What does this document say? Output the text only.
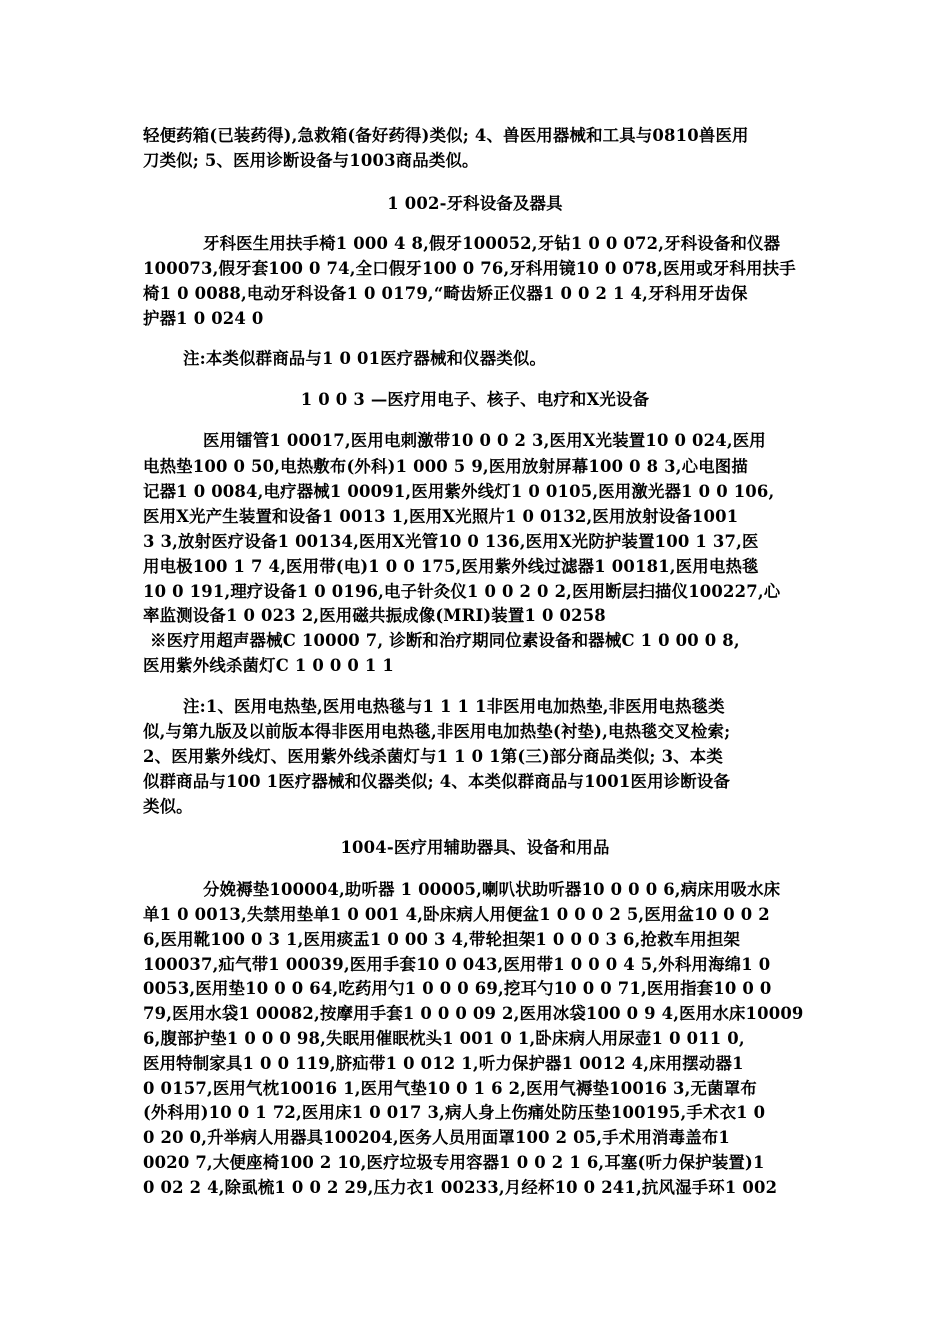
轻便药箱(已装药得),急救箱(备好药得)类似; 4、兽医用器械和工具与0810兽医用
刀类似; 5、医用诊断设备与1003商品类似。
1 002-牙科设备及器具
牙科医生用扶手椅1 000 4 8,假牙100052,牙钻1 0 0 072,牙科设备和仪器
100073,假牙套100 0 74,全口假牙100 0 76,牙科用镜10 0 078,医用或牙科用扶手
椅1 0 0088,电动牙科设备1 0 0179,“畸齿矫正仪器1 0 0 2 1 4,牙科用牙齿保
护器1 0 024 0
注:本类似群商品与1 0 01医疗器械和仪器类似。
1 0 0 3 —医疗用电子、核子、电疗和X光设备
医用镭管1 00017,医用电刺激带10 0 0 2 3,医用X光装置10 0 024,医用
电热垫100 0 50,电热敷布(外科)1 000 5 9,医用放射屏幕100 0 8 3,心电图描
记器1 0 0084,电疗器械1 00091,医用紫外线灯1 0 0105,医用激光器1 0 0 106,
医用X光产生装置和设备1 0013 1,医用X光照片1 0 0132,医用放射设备1001
3 3,放射医疗设备1 00134,医用X光管10 0 136,医用X光防护装置100 1 37,医
用电极100 1 7 4,医用带(电)1 0 0 175,医用紫外线过滤器1 00181,医用电热毯
10 0 191,理疗设备1 0 0196,电子针灸仪1 0 0 2 0 2,医用断层扫描仪100227,心
率监测设备1 0 023 2,医用磁共振成像(MRⅠ)装置1 0 0258
※医疗用超声器械C 10000 7, 诊断和治疗期同位素设备和器械C 1 0 00 0 8,
医用紫外线杀菌灯C 1 0 0 0 1 1
注:1、医用电热垫,医用电热毯与1 1 1 1非医用电加热垫,非医用电热毯类
似,与第九版及以前版本得非医用电热毯,非医用电加热垫(衬垫),电热毯交叉检索;
2、医用紫外线灯、医用紫外线杀菌灯与1 1 0 1第(三)部分商品类似; 3、本类
似群商品与100 1医疗器械和仪器类似; 4、本类似群商品与1001医用诊断设备
类似。
1004-医疗用辅助器具、设备和用品
分娩褥垫100004,助听器 1 00005,喇叭状助听器10 0 0 0 6,病床用吸水床
单1 0 0013,失禁用垫单1 0 001 4,卧床病人用便盆1 0 0 0 2 5,医用盆10 0 0 2
6,医用靴100 0 3 1,医用痰盂1 0 00 3 4,带轮担架1 0 0 0 3 6,抢救车用担架
100037,疝气带1 00039,医用手套10 0 043,医用带1 0 0 0 4 5,外科用海绵1 0
0053,医用垫10 0 0 64,吃药用勺1 0 0 0 69,挖耳勺10 0 0 71,医用指套10 0 0
79,医用水袋1 00082,按摩用手套1 0 0 0 09 2,医用冰袋100 0 9 4,医用水床10009
6,腹部护垫1 0 0 0 98,失眠用催眠枕头1 001 0 1,卧床病人用尿壶1 0 011 0,
医用特制家具1 0 0 119,脐疝带1 0 012 1,听力保护器1 0012 4,床用摆动器1
0 0157,医用气枕10016 1,医用气垫10 0 1 6 2,医用气褥垫10016 3,无菌罩布
(外科用)10 0 1 72,医用床1 0 017 3,病人身上伤痛处防压垫100195,手术衣1 0
0 20 0,升举病人用器具100204,医务人员用面罩100 2 05,手术用消毒盖布1
0020 7,大便座椅100 2 10,医疗垃圾专用容器1 0 0 2 1 6,耳塞(听力保护装置)1
0 02 2 4,除虱梳1 0 0 2 29,压力衣1 00233,月经杯10 0 241,抗风湿手环1 002
